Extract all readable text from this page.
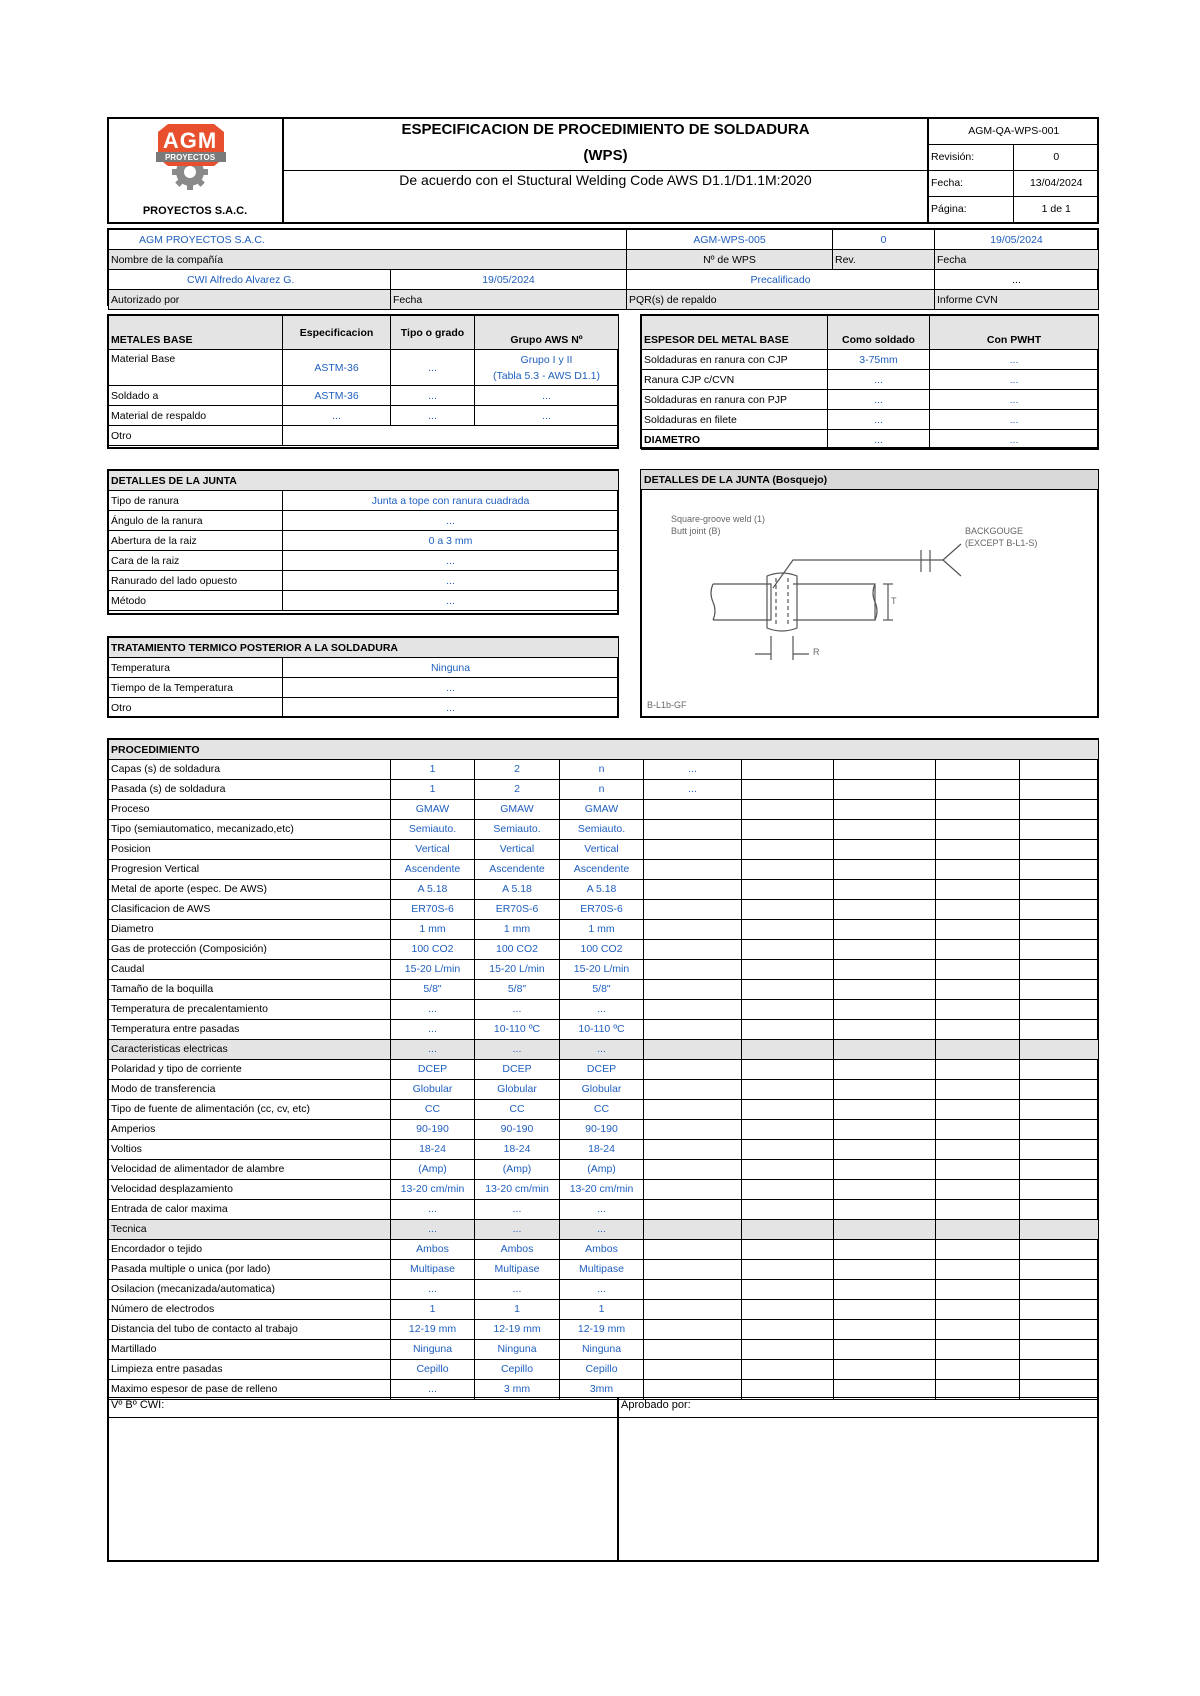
AGM
PROYECTOS
PROYECTOS S.A.C.
ESPECIFICACION DE PROCEDIMIENTO DE SOLDADURA
(WPS)
De acuerdo con el Stuctural Welding Code AWS D1.1/D1.1M:2020
AGM-QA-WPS-001	
Revisión:	0
Fecha:	13/04/2024
Página:	1 de 1
AGM PROYECTOS S.A.C.		AGM-WPS-005	0	19/05/2024
Nombre de la compañía		Nº de WPS	Rev.	Fecha
CWI Alfredo Alvarez G.	19/05/2024	Precalificado		...
Autorizado por	Fecha	PQR(s) de repaldo		Informe CVN
METALES BASE	Especificacion	Tipo o grado	Grupo AWS Nº
Material Base	ASTM-36	...	Grupo I y II
(Tabla 5.3 - AWS D1.1)

Soldado a	ASTM-36	...	...
Material de respaldo	...	...	...
Otro			
ESPESOR DEL METAL BASE	Como soldado	Con PWHT
Soldaduras en ranura con CJP	3-75mm	...
Ranura CJP c/CVN	...	...
Soldaduras en ranura con PJP	...	...
Soldaduras en filete	...	...
DIAMETRO	...	...
DETALLES DE LA JUNTA	
Tipo de ranura	Junta a tope con ranura cuadrada
Ángulo de la ranura	...
Abertura de la raiz	0 a 3 mm
Cara de la raiz	...
Ranurado del lado opuesto	...
Método	...
DETALLES DE LA JUNTA (Bosquejo)
Square-groove weld (1)
Butt joint (B)	BACKGOUGE
(EXCEPT B-L1-S)
T
R
B-L1b-GF
TRATAMIENTO TERMICO POSTERIOR A LA SOLDADURA	
Temperatura	Ninguna
Tiempo de la Temperatura	...
Otro	...
PROCEDIMIENTO								
Capas (s) de soldadura	1	2	n	...				
Pasada (s) de soldadura	1	2	n	...				
Proceso	GMAW	GMAW	GMAW					
Tipo (semiautomatico, mecanizado,etc)	Semiauto.	Semiauto.	Semiauto.					
Posicion	Vertical	Vertical	Vertical					
Progresion Vertical	Ascendente	Ascendente	Ascendente					
Metal de aporte (espec. De AWS)	A 5.18	A 5.18	A 5.18					
Clasificacion de AWS	ER70S-6	ER70S-6	ER70S-6					
Diametro	1 mm	1 mm	1 mm					
Gas de protección (Composición)	100 CO2	100 CO2	100 CO2					
Caudal	15-20 L/min	15-20 L/min	15-20 L/min					
Tamaño de la boquilla	5/8"	5/8"	5/8"					
Temperatura de precalentamiento	...	...	...					
Temperatura entre pasadas	...	10-110 ºC	10-110 ºC					
Caracteristicas electricas	...	...	...					
Polaridad y tipo de corriente	DCEP	DCEP	DCEP					
Modo de transferencia	Globular	Globular	Globular					
Tipo de fuente de alimentación (cc, cv, etc)	CC	CC	CC					
Amperios	90-190	90-190	90-190					
Voltios	18-24	18-24	18-24					
Velocidad de alimentador de alambre	(Amp)	(Amp)	(Amp)					
Velocidad desplazamiento	13-20 cm/min	13-20 cm/min	13-20 cm/min					
Entrada de calor maxima	...	...	...					
Tecnica	...	...	...					
Encordador o tejido	Ambos	Ambos	Ambos					
Pasada multiple o unica (por lado)	Multipase	Multipase	Multipase					
Osilacion (mecanizada/automatica)	...	...	...					
Número de electrodos	1	1	1					
Distancia del tubo de contacto al trabajo	12-19 mm	12-19 mm	12-19 mm					
Martillado	Ninguna	Ninguna	Ninguna					
Limpieza entre pasadas	Cepillo	Cepillo	Cepillo					
Maximo espesor de pase de relleno	...	3 mm	3mm					
Vº Bº CWI:	Aprobado por:
